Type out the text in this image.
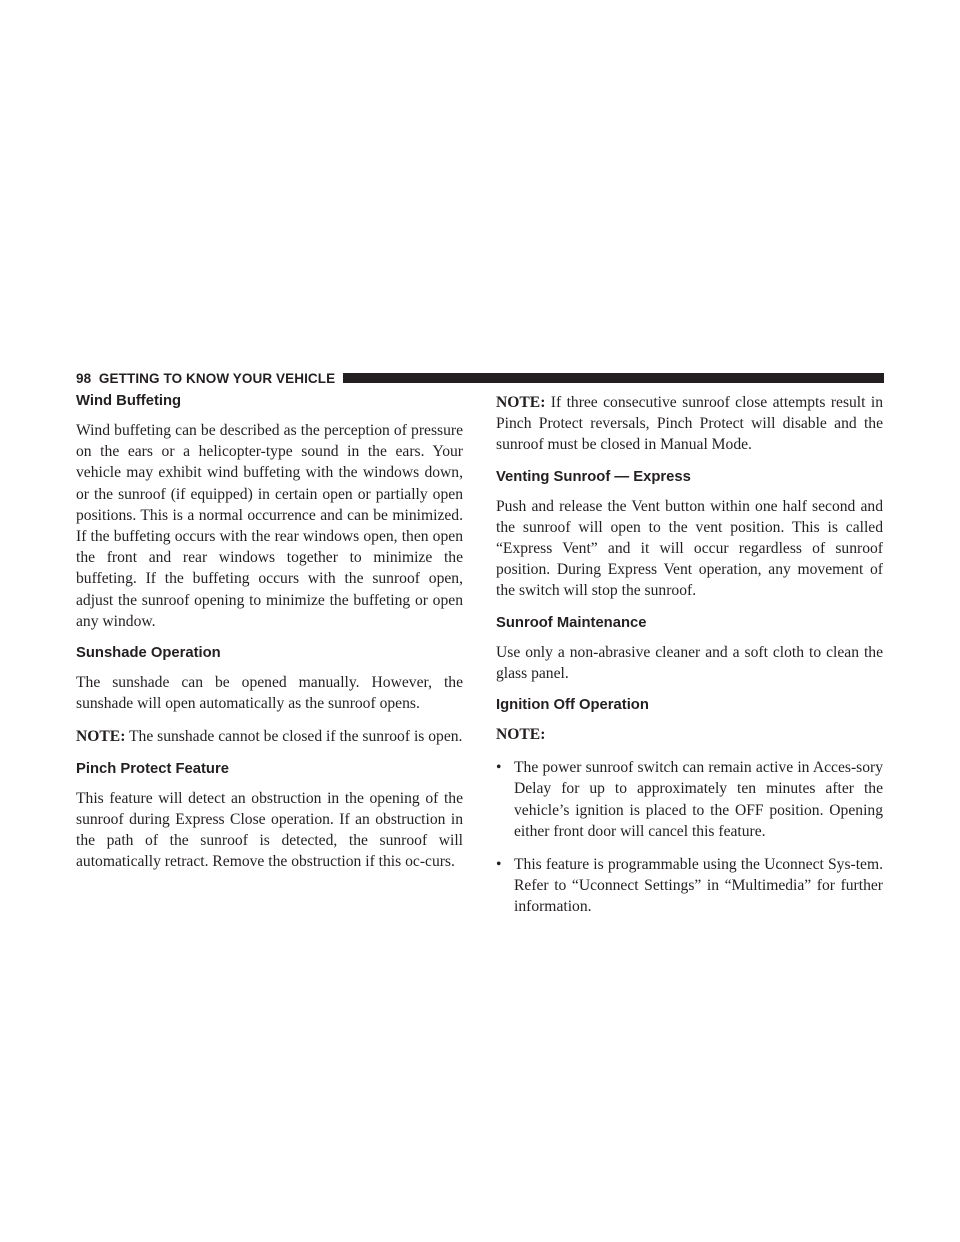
98 GETTING TO KNOW YOUR VEHICLE
Wind Buffeting

Wind buffeting can be described as the perception of pressure on the ears or a helicopter-type sound in the ears. Your vehicle may exhibit wind buffeting with the windows down, or the sunroof (if equipped) in certain open or partially open positions. This is a normal occurrence and can be minimized. If the buffeting occurs with the rear windows open, then open the front and rear windows together to minimize the buffeting. If the buffeting occurs with the sunroof open, adjust the sunroof opening to minimize the buffeting or open any window.

Sunshade Operation

The sunshade can be opened manually. However, the sunshade will open automatically as the sunroof opens.

NOTE: The sunshade cannot be closed if the sunroof is open.

Pinch Protect Feature

This feature will detect an obstruction in the opening of the sunroof during Express Close operation. If an obstruction in the path of the sunroof is detected, the sunroof will automatically retract. Remove the obstruction if this oc-curs.

NOTE: If three consecutive sunroof close attempts result in Pinch Protect reversals, Pinch Protect will disable and the sunroof must be closed in Manual Mode.

Venting Sunroof — Express

Push and release the Vent button within one half second and the sunroof will open to the vent position. This is called “Express Vent” and it will occur regardless of sunroof position. During Express Vent operation, any movement of the switch will stop the sunroof.

Sunroof Maintenance

Use only a non-abrasive cleaner and a soft cloth to clean the glass panel.

Ignition Off Operation

NOTE:

• The power sunroof switch can remain active in Acces-sory Delay for up to approximately ten minutes after the vehicle’s ignition is placed to the OFF position. Opening either front door will cancel this feature.
• This feature is programmable using the Uconnect Sys-tem. Refer to “Uconnect Settings” in “Multimedia” for further information.
